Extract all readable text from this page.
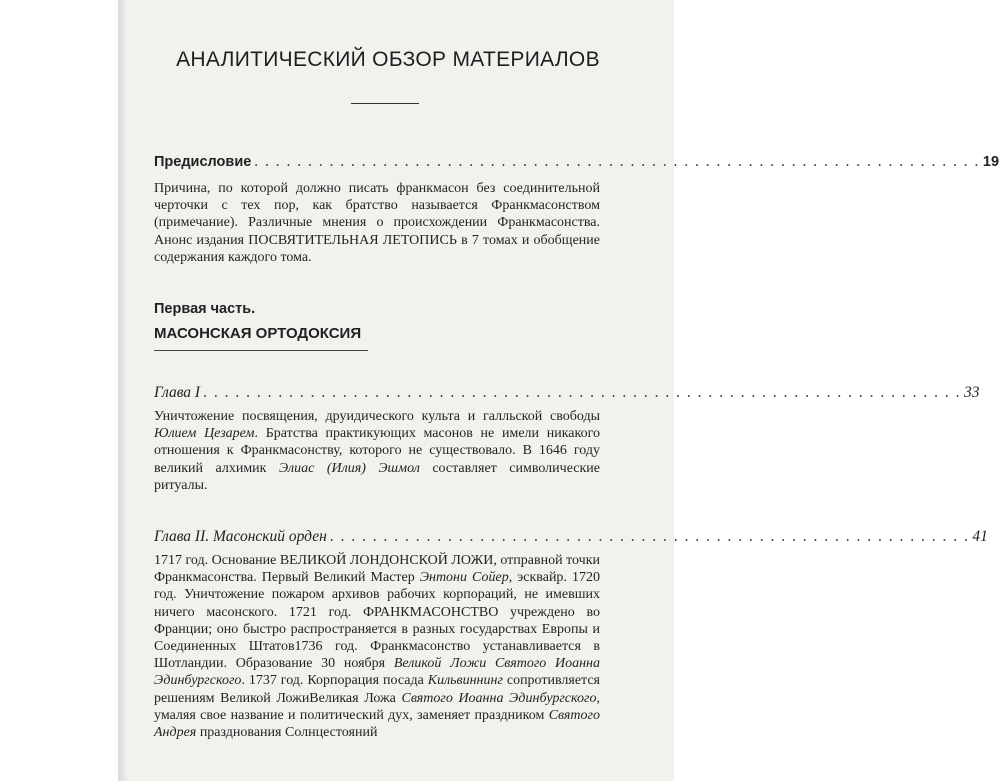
АНАЛИТИЧЕСКИЙ ОБЗОР МАТЕРИАЛОВ
Предисловие . . . . . . . . . . . . . . . . . . . . . . . . . . . . . . . . . . . . . . . . . . . . . . . . . . . . . . . . . . . . . . . . . . . . 19

Причина, по которой должно писать франкмасон без соединительной черточки с тех пор, как братство называется Франкмасонством (примечание). Различные мнения о происхождении Франкмасонства. Анонс издания ПОСВЯТИТЕЛЬНАЯ ЛЕТОПИСЬ в 7 томах и обобщение содержания каждого тома.

Первая часть.
МАСОНСКАЯ ОРТОДОКСИЯ
Глава I . . . . . . . . . . . . . . . . . . . . . . . . . . . . . . . . . . . . . . . . . . . . . . . . . . . . . . . . . . . . . . . . . . . . . . . 33

Уничтожение посвящения, друидического культа и галльской свободы Юлием Цезарем. Братства практикующих масонов не имели никакого отношения к Франкмасонству, которого не существовало. В 1646 году великий алхимик Элиас (Илия) Эшмол составляет символические ритуалы.

Глава II. Масонский орден . . . . . . . . . . . . . . . . . . . . . . . . . . . . . . . . . . . . . . . . . . . . . . . . . . . . . . . . . . . . 41

1717 год. Основание ВЕЛИКОЙ ЛОНДОНСКОЙ ЛОЖИ, отправной точки Франкмасонства. Первый Великий Мастер Энтони Сойер, эсквайр. 1720 год. Уничтожение пожаром архивов рабочих корпораций, не имевших ничего масонского. 1721 год. ФРАНКМАСОНСТВО учреждено во Франции; оно быстро распространяется в разных государствах Европы и Соединенных Штатов1736 год. Франкмасонство устанавливается в Шотландии. Образование 30 ноября Великой Ложи Святого Иоанна Эдинбургского. 1737 год. Корпорация посада Кильвиннинг сопротивляется решениям Великой ЛожиВеликая Ложа Святого Иоанна Эдинбургского, умаляя свое название и политический дух, заменяет праздником Святого Андрея празднования Солнцестояний
